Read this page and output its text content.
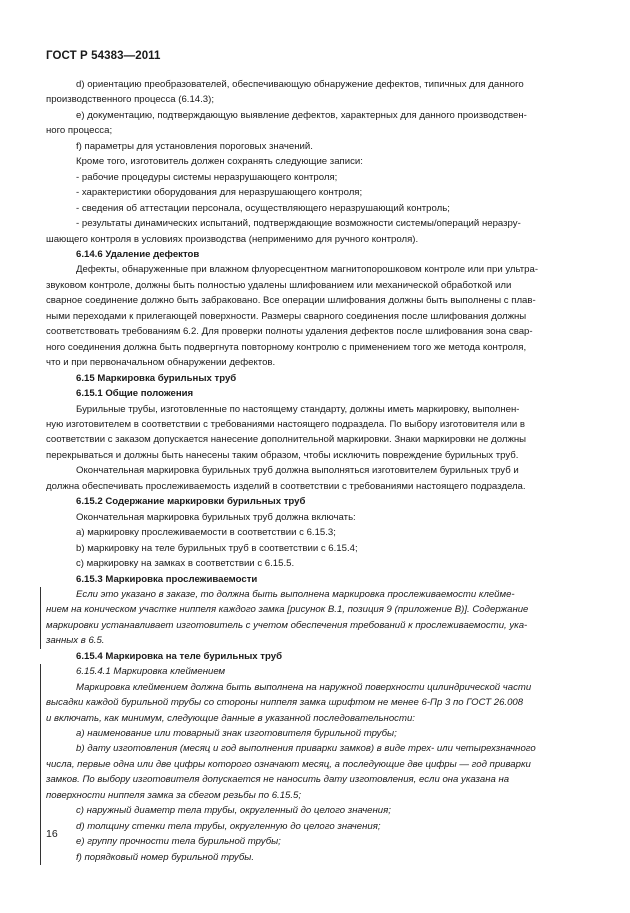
ГОСТ Р 54383—2011

d) ориентацию преобразователей, обеспечивающую обнаружение дефектов, типичных для данного

производственного процесса (6.14.3);

e) документацию, подтверждающую выявление дефектов, характерных для данного производствен-

ного процесса;

f) параметры для установления пороговых значений.

Кроме того, изготовитель должен сохранять следующие записи:

- рабочие процедуры системы неразрушающего контроля;

- характеристики оборудования для неразрушающего контроля;

- сведения об аттестации персонала, осуществляющего неразрушающий контроль;

- результаты динамических испытаний, подтверждающие возможности системы/операций неразру-

шающего контроля в условиях производства (неприменимо для ручного контроля).

6.14.6 Удаление дефектов

Дефекты, обнаруженные при влажном флуоресцентном магнитопорошковом контроле или при ультра-

звуковом контроле, должны быть полностью удалены шлифованием или механической обработкой или

сварное соединение должно быть забраковано. Все операции шлифования должны быть выполнены с плав-

ными переходами к прилегающей поверхности. Размеры сварного соединения после шлифования должны

соответствовать требованиям 6.2. Для проверки полноты удаления дефектов после шлифования зона свар-

ного соединения должна быть подвергнута повторному контролю с применением того же метода контроля,

что и при первоначальном обнаружении дефектов.

6.15 Маркировка бурильных труб

6.15.1 Общие положения

Бурильные трубы, изготовленные по настоящему стандарту, должны иметь маркировку, выполнен-

ную изготовителем в соответствии с требованиями настоящего подраздела. По выбору изготовителя или в

соответствии с заказом допускается нанесение дополнительной маркировки. Знаки маркировки не должны

перекрываться и должны быть нанесены таким образом, чтобы исключить повреждение бурильных труб.

Окончательная маркировка бурильных труб должна выполняться изготовителем бурильных труб и

должна обеспечивать прослеживаемость изделий в соответствии с требованиями настоящего подраздела.

6.15.2 Содержание маркировки бурильных труб

Окончательная маркировка бурильных труб должна включать:

a) маркировку прослеживаемости в соответствии с 6.15.3;

b) маркировку на теле бурильных труб в соответствии с 6.15.4;

c) маркировку на замках в соответствии с 6.15.5.

6.15.3 Маркировка прослеживаемости

Если это указано в заказе, то должна быть выполнена маркировка прослеживаемости клейме-

нием на коническом участке ниппеля каждого замка [рисунок В.1, позиция 9 (приложение В)]. Содержание

маркировки устанавливает изготовитель с учетом обеспечения требований к прослеживаемости, ука-

занных в 6.5.

6.15.4 Маркировка на теле бурильных труб

6.15.4.1 Маркировка клеймением

Маркировка клеймением должна быть выполнена на наружной поверхности цилиндрической части

высадки каждой бурильной трубы со стороны ниппеля замка шрифтом не менее 6-Пр 3 по ГОСТ 26.008

и включать, как минимум, следующие данные в указанной последовательности:

a) наименование или товарный знак изготовителя бурильной трубы;

b) дату изготовления (месяц и год выполнения приварки замков) в виде трех- или четырехзначного

числа, первые одна или две цифры которого означают месяц, а последующие две цифры — год приварки

замков. По выбору изготовителя допускается не наносить дату изготовления, если она указана на

поверхности ниппеля замка за сбегом резьбы по 6.15.5;

c) наружный диаметр тела трубы, округленный до целого значения;

d) толщину стенки тела трубы, округленную до целого значения;

e) группу прочности тела бурильной трубы;

f) порядковый номер бурильной трубы.

16
